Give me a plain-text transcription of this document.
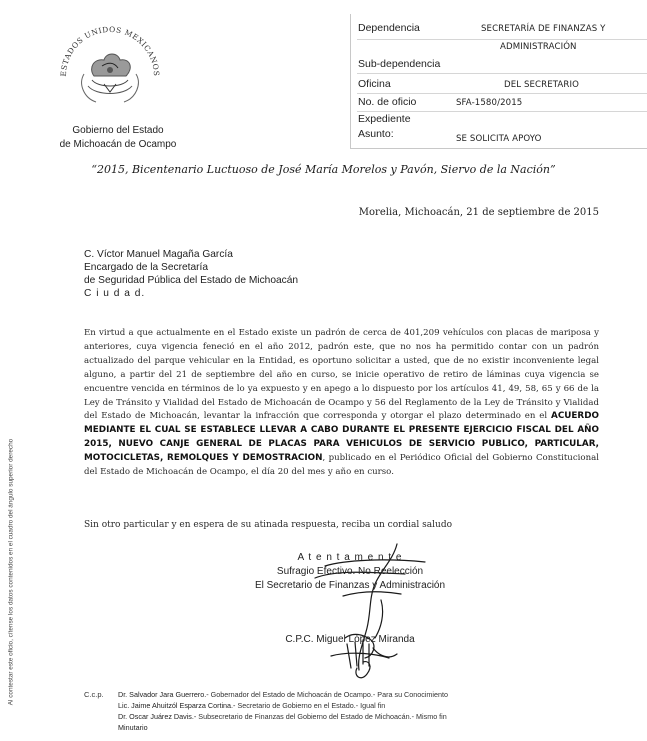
ESTADOS UNIDOS MEXICANOS
Gobierno del Estado
de Michoacán de Ocampo
Dependencia	SECRETARÍA DE FINANZAS Y
ADMINISTRACIÓN
Sub-dependencia
Oficina	DEL SECRETARIO
No. de oficio	SFA-1580/2015
Expediente
Asunto:	SE SOLICITA APOYO
“2015, Bicentenario Luctuoso de José María Morelos y Pavón, Siervo de la Nación”
Morelia, Michoacán, 21 de septiembre de 2015
C. Víctor Manuel Magaña García
Encargado de la Secretaría
de Seguridad Pública del Estado de Michoacán
C i u d a d.
En virtud a que actualmente en el Estado existe un padrón de cerca de 401,209 vehículos con placas de mariposa y anteriores, cuya vigencia feneció en el año 2012, padrón este, que no nos ha permitido contar con un padrón actualizado del parque vehicular en la Entidad, es oportuno solicitar a usted, que de no existir inconveniente legal alguno, a partir del 21 de septiembre del año en curso, se inicie operativo de retiro de láminas cuya vigencia se encuentre vencida en términos de lo ya expuesto y en apego a lo dispuesto por los artículos 41, 49, 58, 65 y 66 de la Ley de Tránsito y Vialidad del Estado de Michoacán de Ocampo y 56 del Reglamento de la Ley de Tránsito y Vialidad del Estado de Michoacán, levantar la infracción que corresponda y otorgar el plazo determinado en el ACUERDO MEDIANTE EL CUAL SE ESTABLECE LLEVAR A CABO DURANTE EL PRESENTE EJERCICIO FISCAL DEL AÑO 2015, NUEVO CANJE GENERAL DE PLACAS PARA VEHICULOS DE SERVICIO PUBLICO, PARTICULAR, MOTOCICLETAS, REMOLQUES Y DEMOSTRACION, publicado en el Periódico Oficial del Gobierno Constitucional del Estado de Michoacán de Ocampo, el día 20 del mes y año en curso.
Sin otro particular y en espera de su atinada respuesta, reciba un cordial saludo
A t e n t a m e n t e
Sufragio Efectivo. No Reelección
El Secretario de Finanzas y Administración
C.P.C. Miguel López Miranda
C.c.p. Dr. Salvador Jara Guerrero.- Gobernador del Estado de Michoacán de Ocampo.- Para su Conocimiento
Lic. Jaime Ahuitzól Esparza Cortina.- Secretario de Gobierno en el Estado.- Igual fin
Dr. Oscar Juárez Davis.- Subsecretario de Finanzas del Gobierno del Estado de Michoacán.- Mismo fin
Minutario
Al contestar este oficio, cítense los datos contenidos en el cuadro del ángulo superior derecho
